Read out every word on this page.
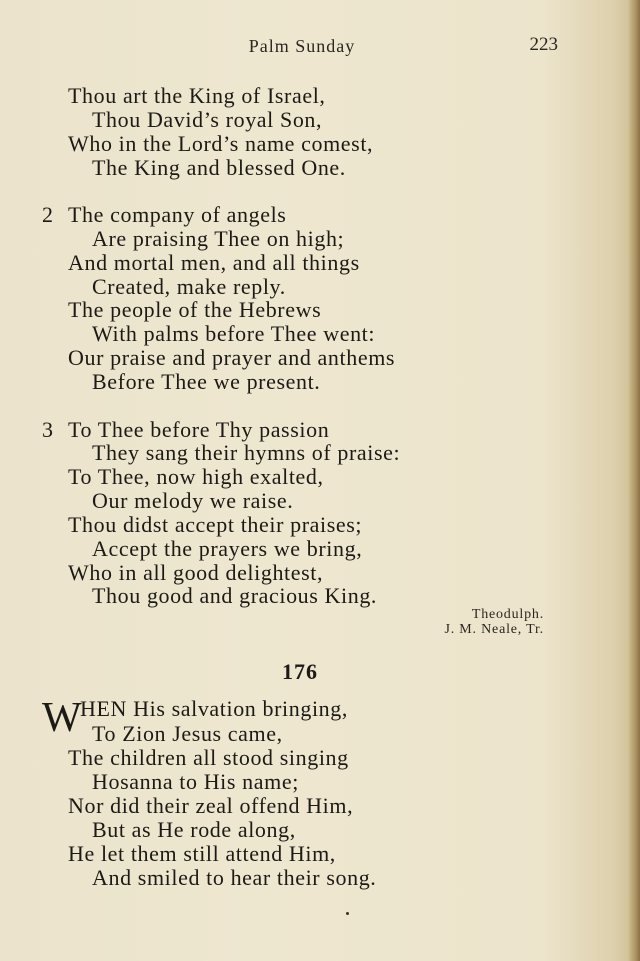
Palm Sunday	223
Thou art the King of Israel,
Thou David’s royal Son,
Who in the Lord’s name comest,
The King and blessed One.
2 The company of angels
Are praising Thee on high;
And mortal men, and all things
Created, make reply.
The people of the Hebrews
With palms before Thee went:
Our praise and prayer and anthems
Before Thee we present.
3 To Thee before Thy passion
They sang their hymns of praise:
To Thee, now high exalted,
Our melody we raise.
Thou didst accept their praises;
Accept the prayers we bring,
Who in all good delightest,
Thou good and gracious King.
Theodulph.
J. M. Neale, Tr.
176
W
HEN His salvation bringing,
To Zion Jesus came,
The children all stood singing
Hosanna to His name;
Nor did their zeal offend Him,
But as He rode along,
He let them still attend Him,
And smiled to hear their song.
